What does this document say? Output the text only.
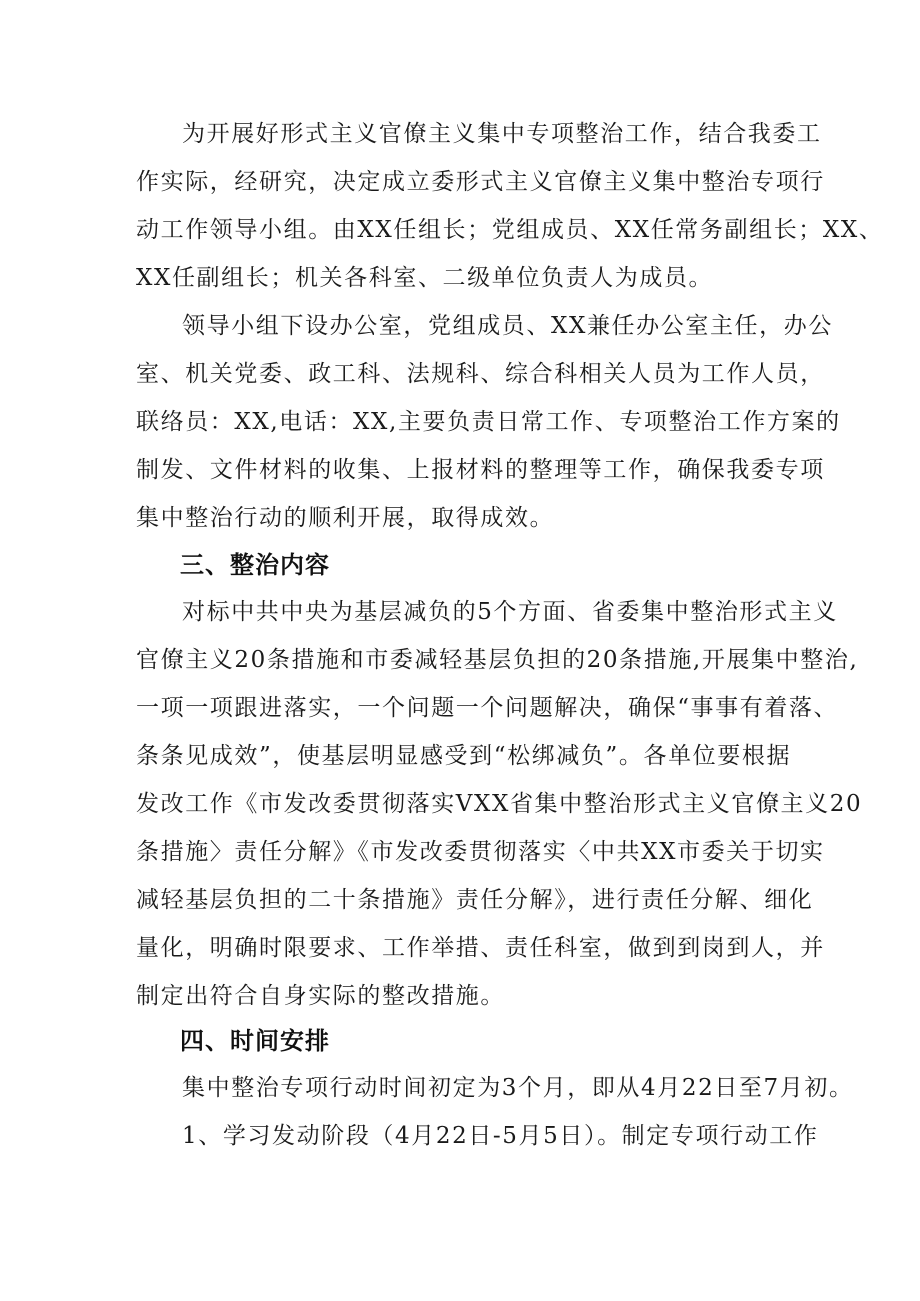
为开展好形式主义官僚主义集中专项整治工作，结合我委工

作实际，经研究，决定成立委形式主义官僚主义集中整治专项行

动工作领导小组。由XX任组长；党组成员、XX任常务副组长；XX、

XX任副组长；机关各科室、二级单位负责人为成员。

领导小组下设办公室，党组成员、XX兼任办公室主任，办公

室、机关党委、政工科、法规科、综合科相关人员为工作人员，

联络员：XX,电话：XX,主要负责日常工作、专项整治工作方案的

制发、文件材料的收集、上报材料的整理等工作，确保我委专项

集中整治行动的顺利开展，取得成效。

三、整治内容

对标中共中央为基层减负的5个方面、省委集中整治形式主义

官僚主义20条措施和市委减轻基层负担的20条措施,开展集中整治,

一项一项跟进落实，一个问题一个问题解决，确保“事事有着落、

条条见成效”，使基层明显感受到“松绑减负”。各单位要根据

发改工作《市发改委贯彻落实VXX省集中整治形式主义官僚主义20

条措施〉责任分解》《市发改委贯彻落实〈中共XX市委关于切实

减轻基层负担的二十条措施》责任分解》，进行责任分解、细化

量化，明确时限要求、工作举措、责任科室，做到到岗到人，并

制定出符合自身实际的整改措施。

四、时间安排

集中整治专项行动时间初定为3个月，即从4月22日至7月初。

1、学习发动阶段（4月22日-5月5日）。制定专项行动工作
